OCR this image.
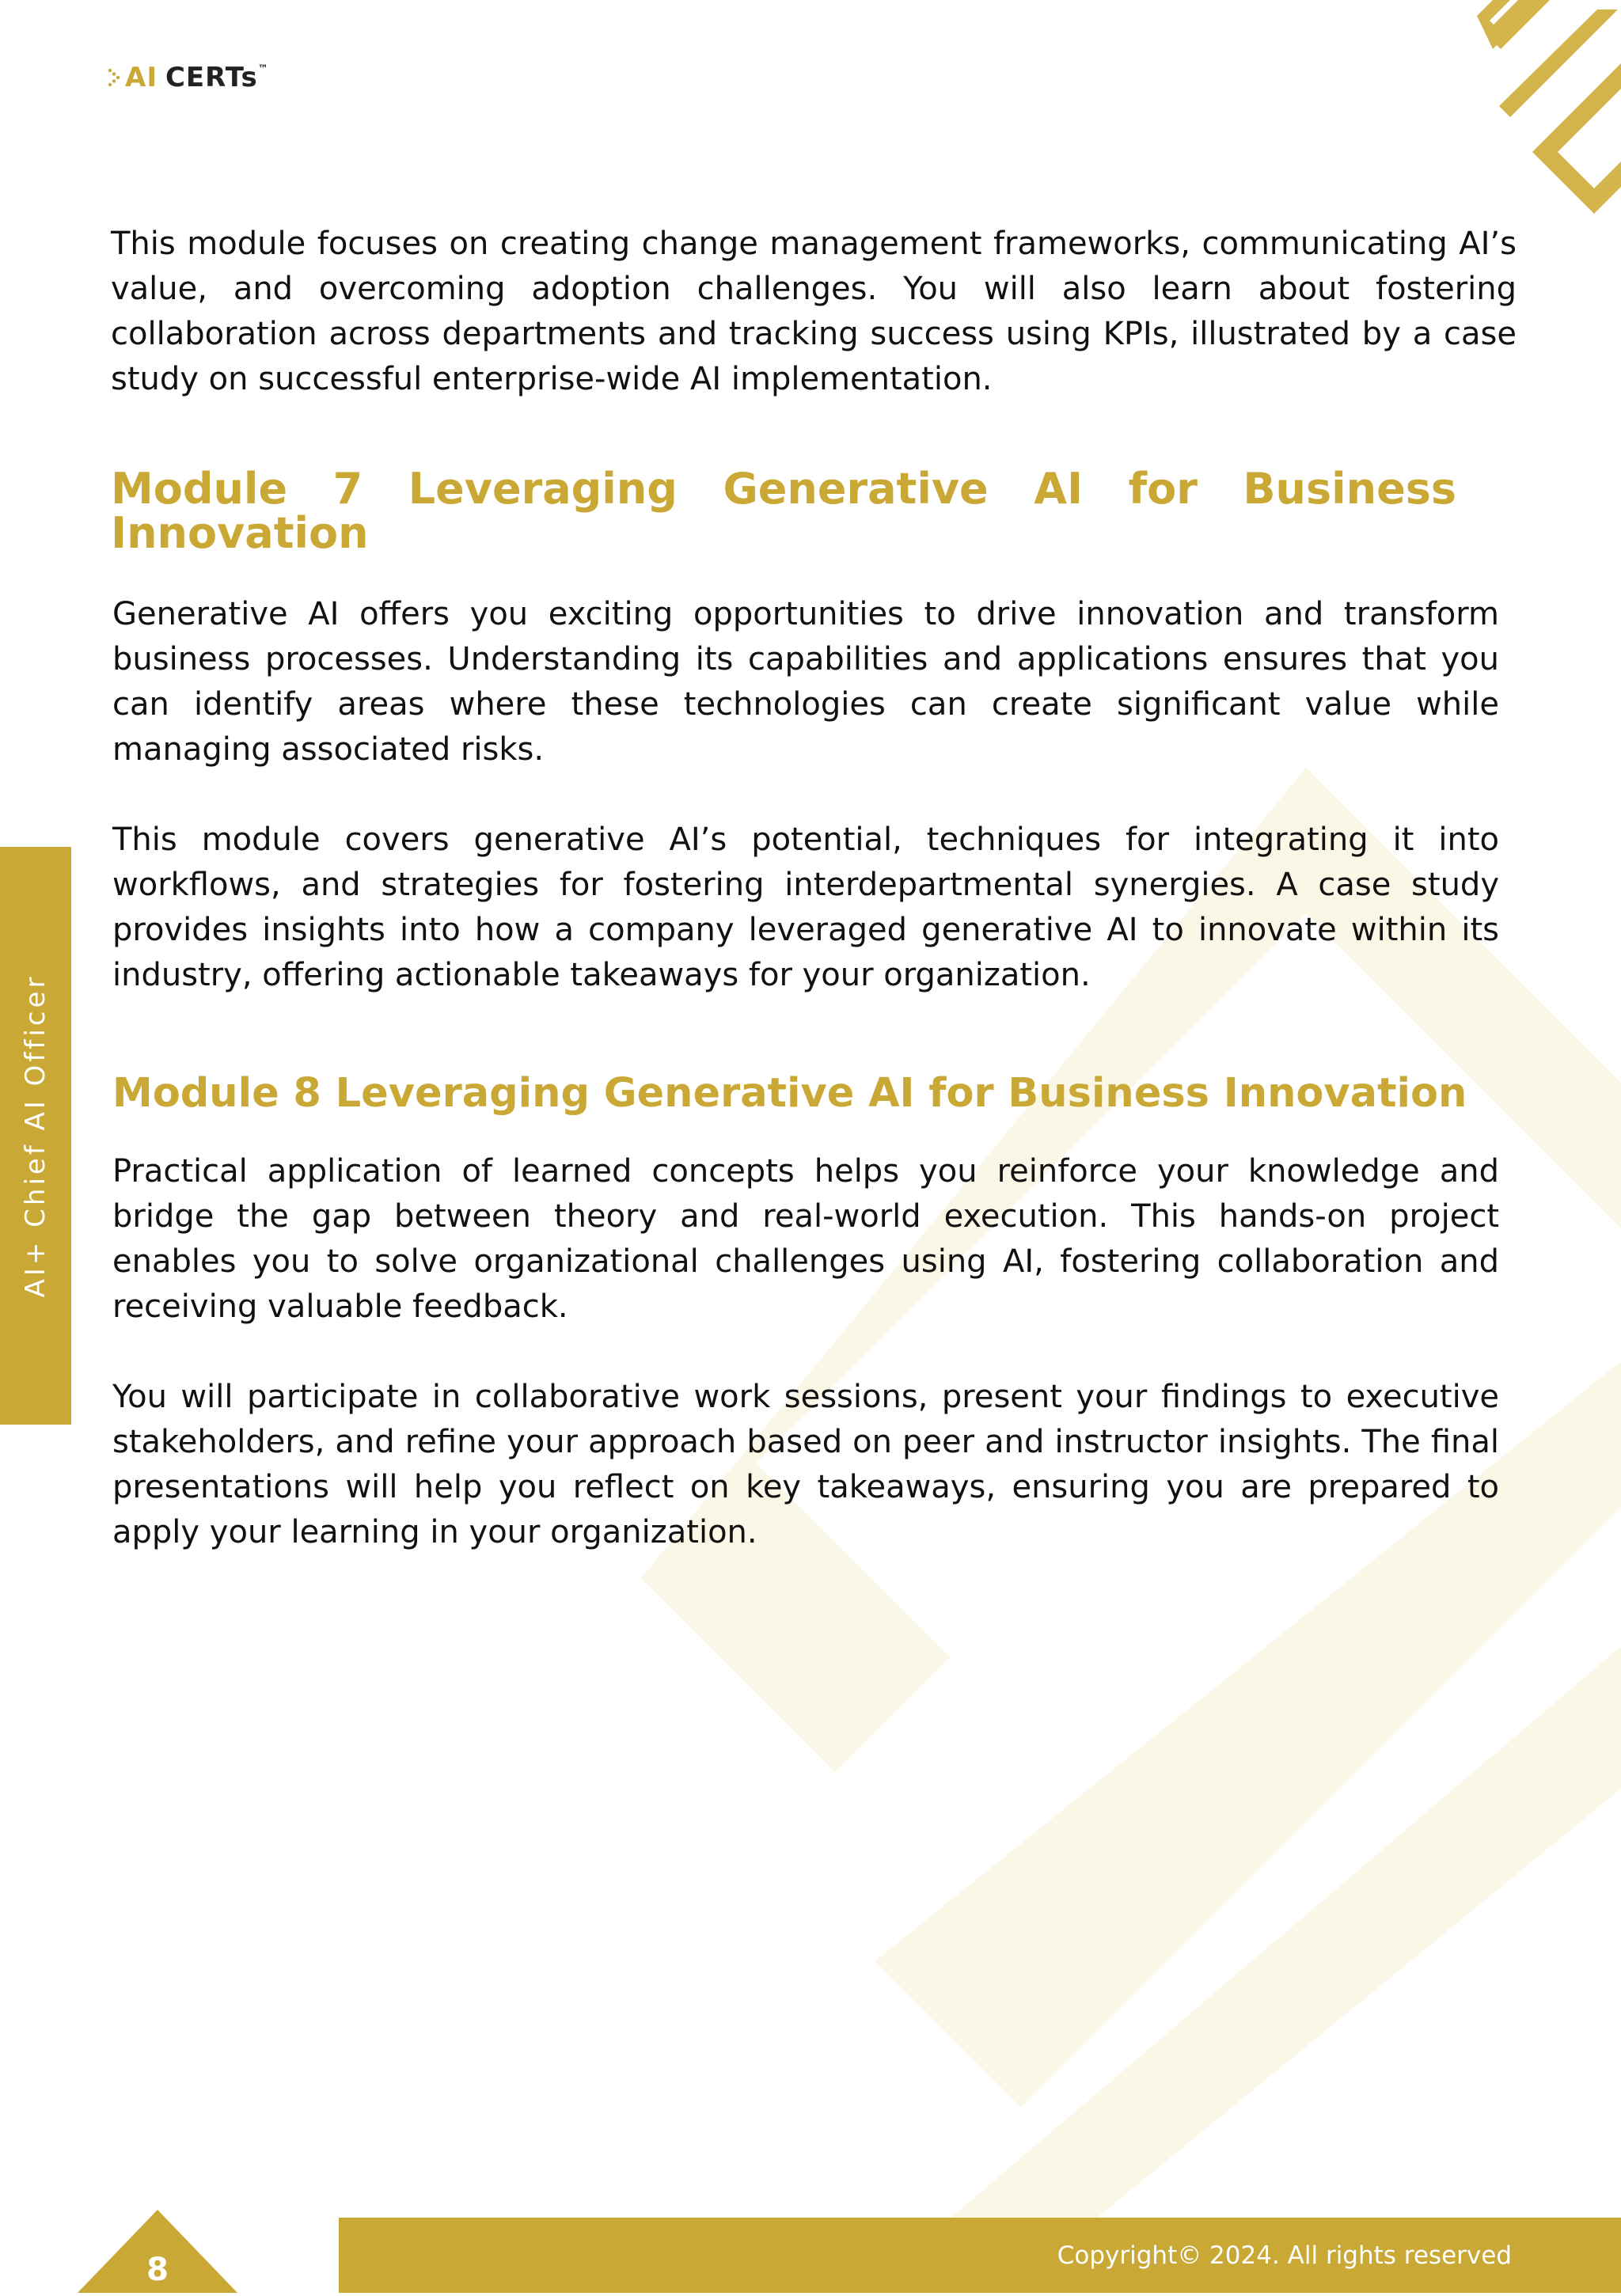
AI CERTs ™
AI+ Chief AI Officer

This module focuses on creating change management frameworks, communicating AI’s value, and overcoming adoption challenges. You will also learn about fostering collaboration across departments and tracking success using KPIs, illustrated by a case study on successful enterprise-wide AI implementation.

Module 7 Leveraging Generative AI for Business Innovation

Generative AI offers you exciting opportunities to drive innovation and transform business processes. Understanding its capabilities and applications ensures that you can identify areas where these technologies can create significant value while managing associated risks.

This module covers generative AI’s potential, techniques for integrating it into workflows, and strategies for fostering interdepartmental synergies. A case study provides insights into how a company leveraged generative AI to innovate within its industry, offering actionable takeaways for your organization.

Module 8 Leveraging Generative AI for Business Innovation

Practical application of learned concepts helps you reinforce your knowledge and bridge the gap between theory and real-world execution. This hands-on project enables you to solve organizational challenges using AI, fostering collaboration and receiving valuable feedback.

You will participate in collaborative work sessions, present your findings to executive stakeholders, and refine your approach based on peer and instructor insights. The final presentations will help you reflect on key takeaways, ensuring you are prepared to apply your learning in your organization.

Copyright© 2024. All rights reserved
8
